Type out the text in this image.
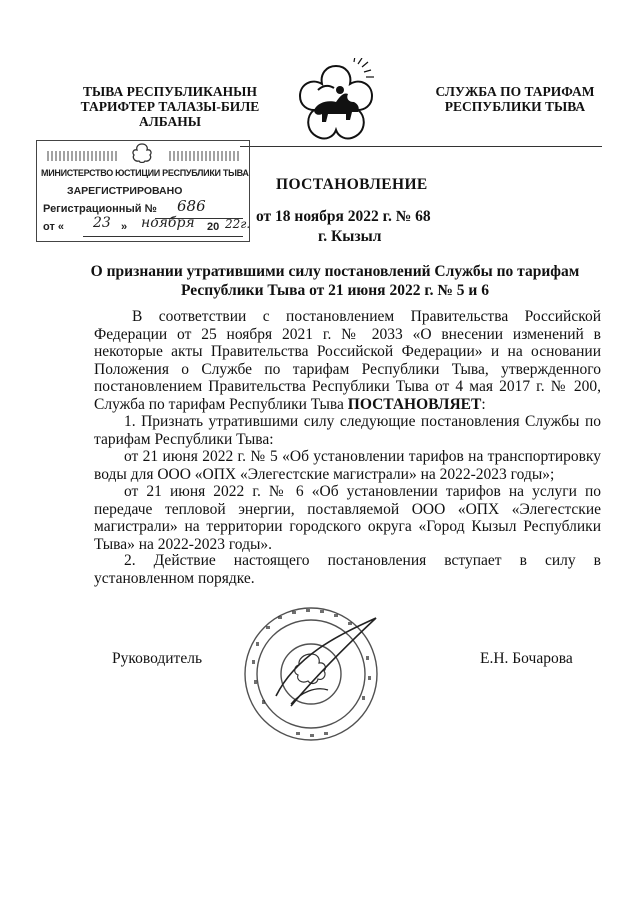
ТЫВА РЕСПУБЛИКАНЫН
ТАРИФТЕР ТАЛАЗЫ-БИЛЕ
АЛБАНЫ
СЛУЖБА ПО ТАРИФАМ
РЕСПУБЛИКИ ТЫВА
МИНИСТЕРСТВО ЮСТИЦИИ РЕСПУБЛИКИ ТЫВА
ЗАРЕГИСТРИРОВАНО
Регистрационный № 686
от « 23 » ноября 20 22г.
ПОСТАНОВЛЕНИЕ
от 18 ноября 2022 г. № 68
г. Кызыл
О признании утратившими силу постановлений Службы по тарифам
Республики Тыва от 21 июня 2022 г. № 5 и 6
В соответствии с постановлением Правительства Российской Федерации от 25 ноября 2021 г. № 2033 «О внесении изменений в некоторые акты Правительства Российской Федерации» и на основании Положения о Службе по тарифам Республики Тыва, утвержденного постановлением Правительства Республики Тыва от 4 мая 2017 г. № 200, Служба по тарифам Республики Тыва ПОСТАНОВЛЯЕТ:
1. Признать утратившими силу следующие постановления Службы по тарифам Республики Тыва:
от 21 июня 2022 г. № 5 «Об установлении тарифов на транспортировку воды для ООО «ОПХ «Элегестские магистрали» на 2022-2023 годы»;
от 21 июня 2022 г. № 6 «Об установлении тарифов на услуги по передаче тепловой энергии, поставляемой ООО «ОПХ «Элегестские магистрали» на территории городского округа «Город Кызыл Республики Тыва» на 2022-2023 годы».
2. Действие настоящего постановления вступает в силу в установленном порядке.
Руководитель	Е.Н. Бочарова
